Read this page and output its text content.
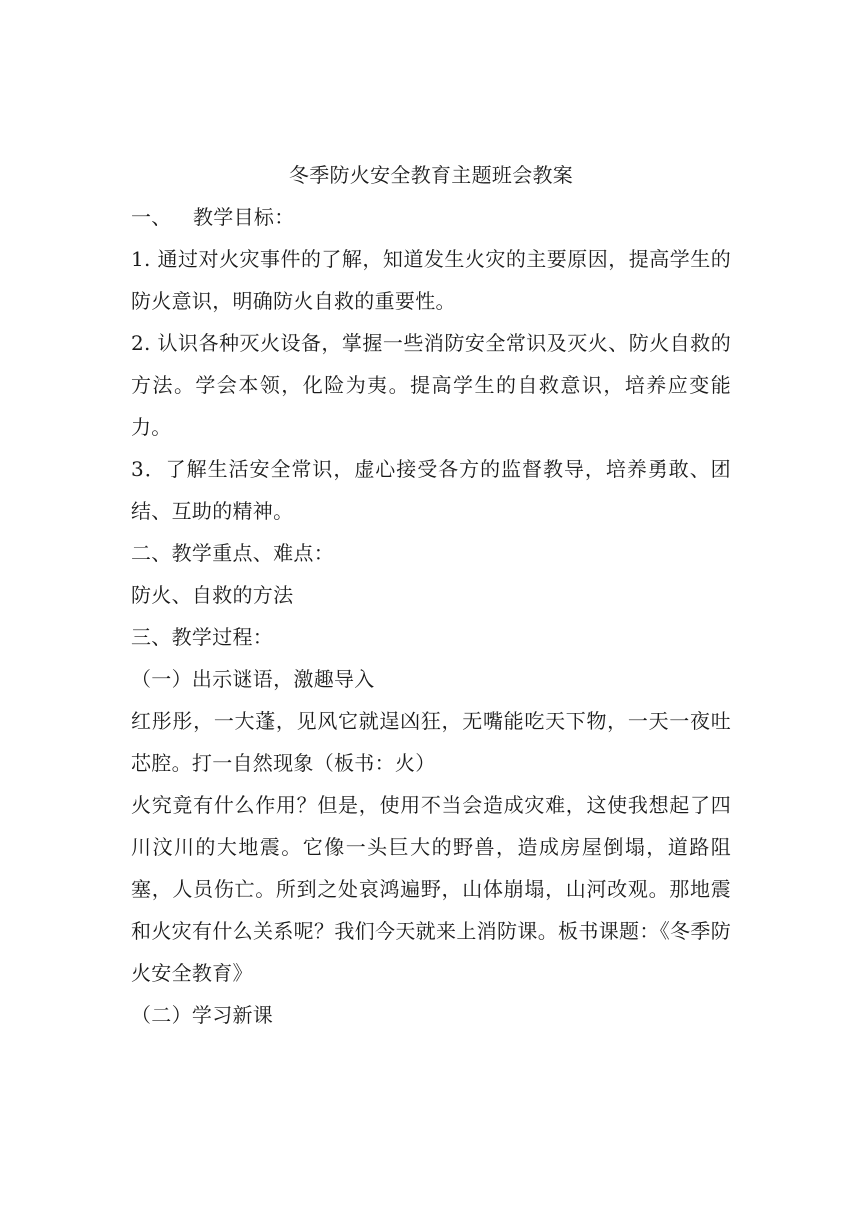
冬季防火安全教育主题班会教案

一、 教学目标：

1. 通过对火灾事件的了解，知道发生火灾的主要原因，提高学生的防火意识，明确防火自救的重要性。

2. 认识各种灭火设备，掌握一些消防安全常识及灭火、防火自救的方法。学会本领，化险为夷。提高学生的自救意识，培养应变能力。

3．了解生活安全常识，虚心接受各方的监督教导，培养勇敢、团结、互助的精神。

二、教学重点、难点：

防火、自救的方法

三、教学过程：

（一）出示谜语，激趣导入

红彤彤，一大蓬，见风它就逞凶狂，无嘴能吃天下物，一天一夜吐芯腔。打一自然现象（板书：火）

火究竟有什么作用？但是，使用不当会造成灾难，这使我想起了四川汶川的大地震。它像一头巨大的野兽，造成房屋倒塌，道路阻塞，人员伤亡。所到之处哀鸿遍野，山体崩塌，山河改观。那地震和火灾有什么关系呢？我们今天就来上消防课。板书课题：《冬季防火安全教育》

（二）学习新课
